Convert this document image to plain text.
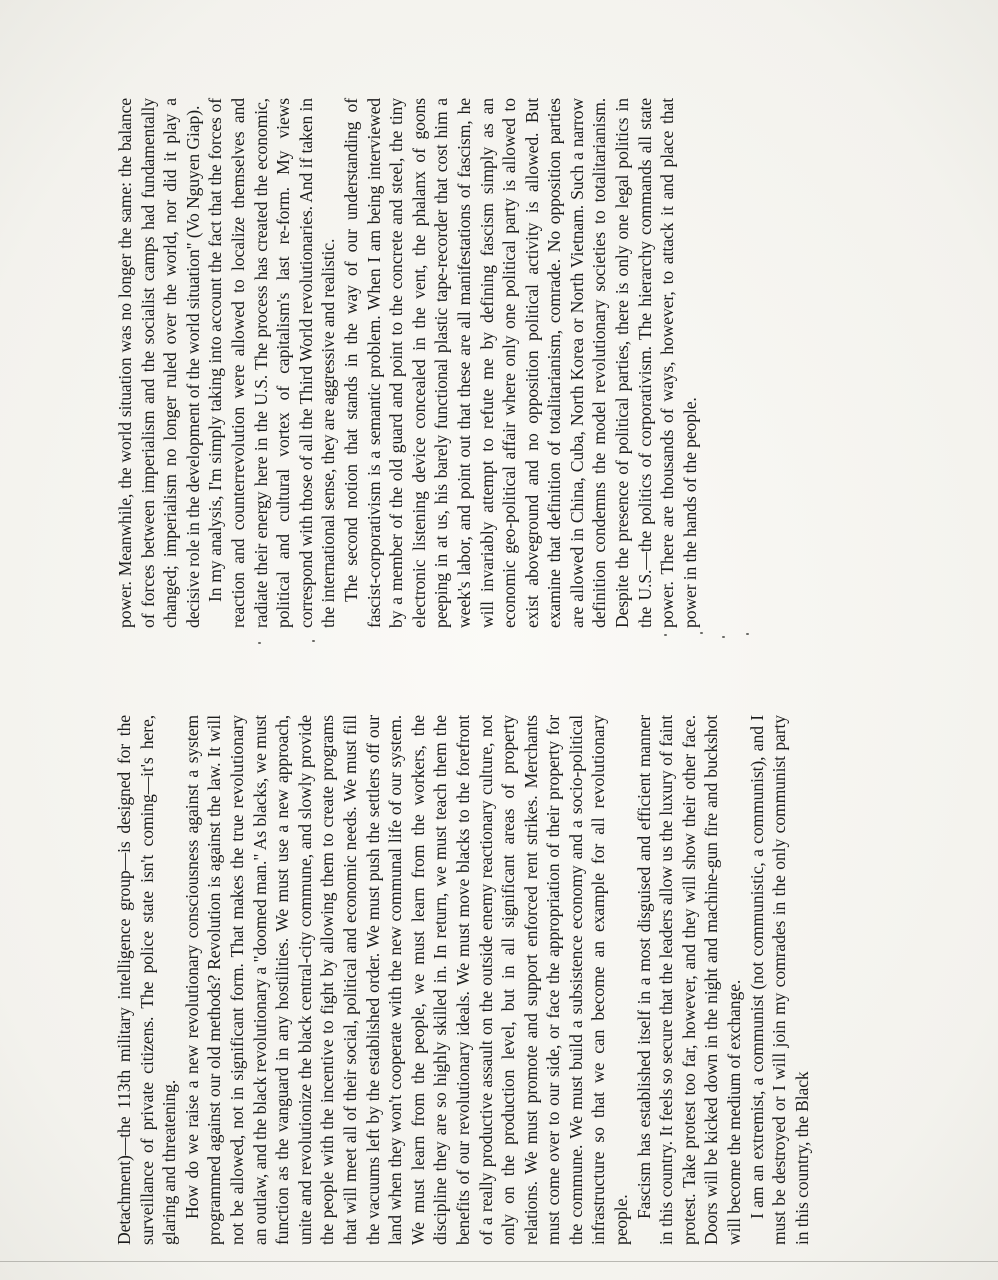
Detachment)—the 113th military intelligence group—is designed for the surveillance of private citizens. The police state isn't coming—it's here, glaring and threatening. How do we raise a new revolutionary consciousness against a system programmed against our old methods? Revolution is against the law. It will not be allowed, not in significant form. That makes the true revolutionary an outlaw, and the black revolutionary a "doomed man." As blacks, we must function as the vanguard in any hostilities. We must use a new approach, unite and revolutionize the black central-city commune, and slowly provide the people with the incentive to fight by allowing them to create programs that will meet all of their social, political and economic needs. We must fill the vacuums left by the established order. We must push the settlers off our land when they won't cooperate with the new communal life of our system. We must learn from the people, we must learn from the workers, the discipline they are so highly skilled in. In return, we must teach them the benefits of our revolutionary ideals. We must move blacks to the forefront of a really productive assault on the outside enemy reactionary culture, not only on the production level, but in all significant areas of property relations. We must promote and support enforced rent strikes. Merchants must come over to our side, or face the appropriation of their property for the commune. We must build a subsistence economy and a socio-political infrastructure so that we can become an example for all revolutionary people.

Fascism has established itself in a most disguised and efficient manner in this country. It feels so secure that the leaders allow us the luxury of faint protest. Take protest too far, however, and they will show their other face. Doors will be kicked down in the night and machine-gun fire and buckshot will become the medium of exchange. I am an extremist, a communist (not communistic, a communist), and I must be destroyed or I will join my comrades in the only communist party in this country, the Black

power. Meanwhile, the world situation was no longer the same: the balance of forces between imperialism and the socialist camps had fundamentally changed; imperialism no longer ruled over the world, nor did it play a decisive role in the development of the world situation" (Vo Nguyen Giap). In my analysis, I'm simply taking into account the fact that the forces of reaction and counterrevolution were allowed to localize themselves and radiate their energy here in the U.S. The process has created the economic, political and cultural vortex of capitalism's last re-form. My views correspond with those of all the Third World revolutionaries. And if taken in the international sense, they are aggressive and realistic. The second notion that stands in the way of our understanding of fascist-corporativism is a semantic problem. When I am being interviewed by a member of the old guard and point to the concrete and steel, the tiny electronic listening device concealed in the vent, the phalanx of goons peeping in at us, his barely functional plastic tape-recorder that cost him a week's labor, and point out that these are all manifestations of fascism, he will invariably attempt to refute me by defining fascism simply as an economic geo-political affair where only one political party is allowed to exist aboveground and no opposition political activity is allowed. But examine that definition of totalitarianism, comrade. No opposition parties are allowed in China, Cuba, North Korea or North Vietnam. Such a narrow definition condemns the model revolutionary societies to totalitarianism. Despite the presence of political parties, there is only one legal politics in the U.S.—the politics of corporativism. The hierarchy commands all state power. There are thousands of ways, however, to attack it and place that power in the hands of the people.
